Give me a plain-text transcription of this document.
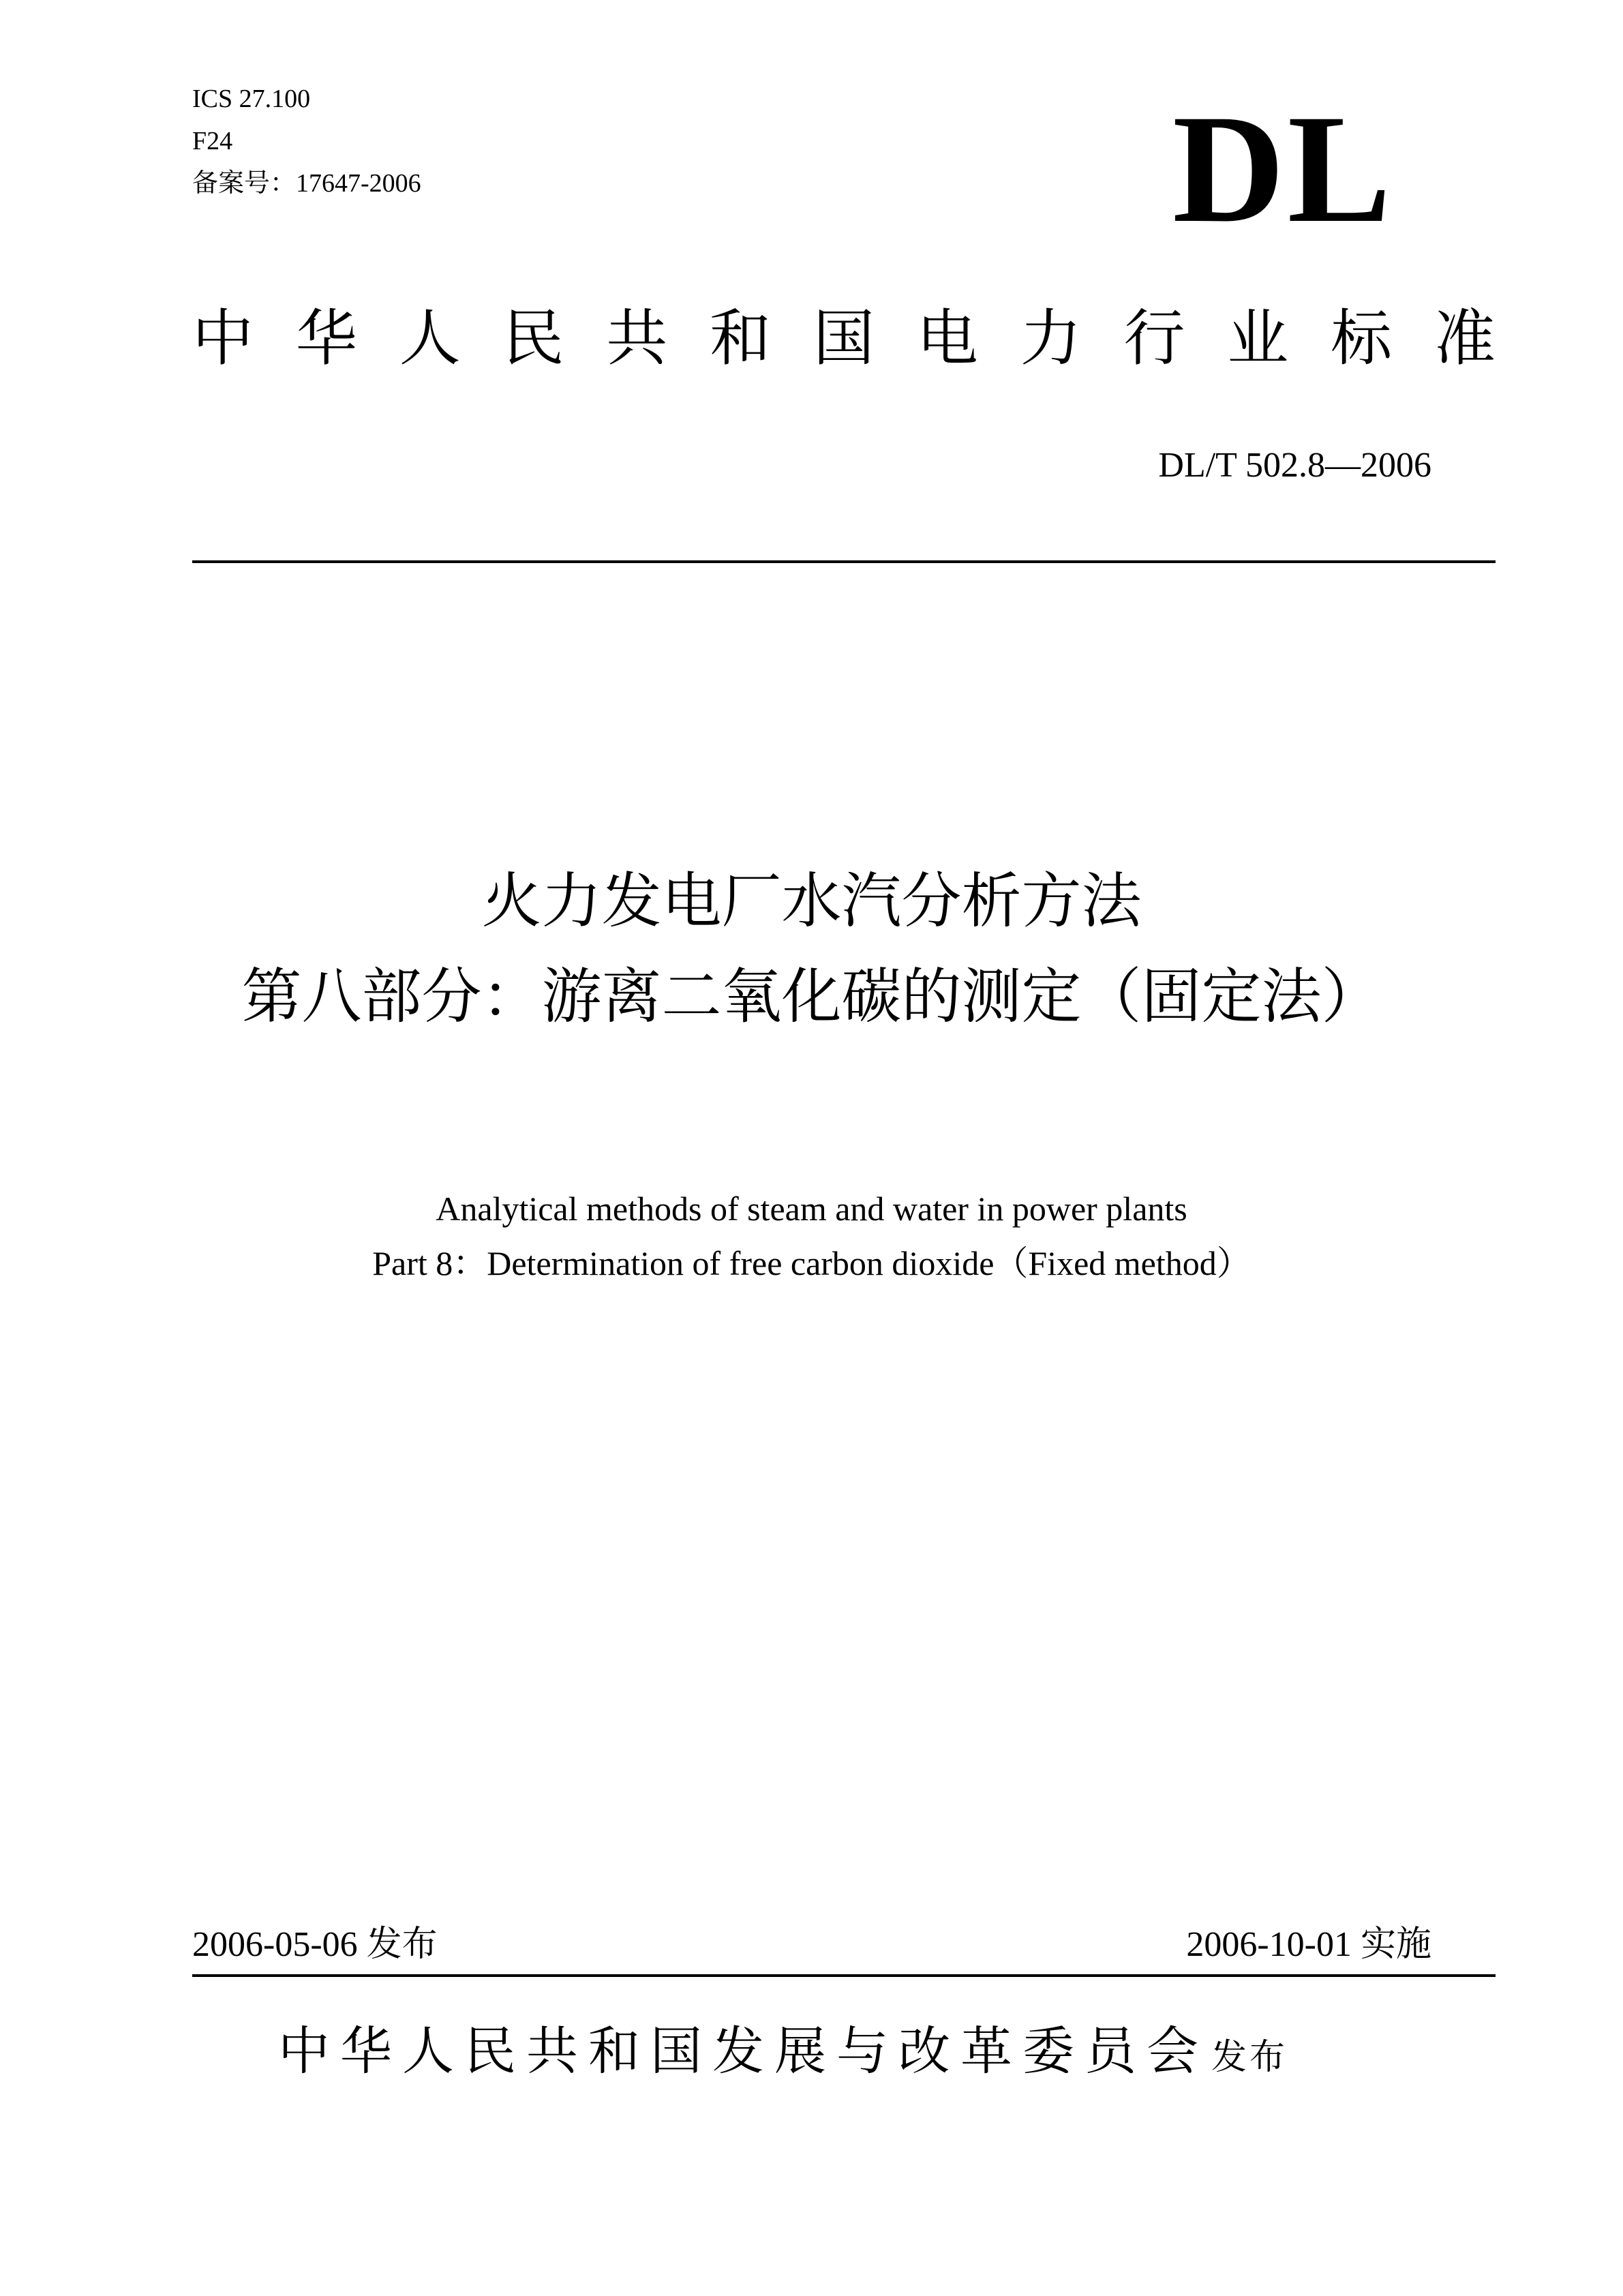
ICS 27.100
F24
备案号：17647-2006	DL
中 华 人 民 共 和 国 电 力 行 业 标 准
DL/T 502.8—2006
火力发电厂水汽分析方法
第八部分：游离二氧化碳的测定（固定法）
Analytical methods of steam and water in power plants
Part 8：Determination of free carbon dioxide（Fixed method）
2006-05-06 发布	2006-10-01 实施
中华人民共和国发展与改革委员会 发布
